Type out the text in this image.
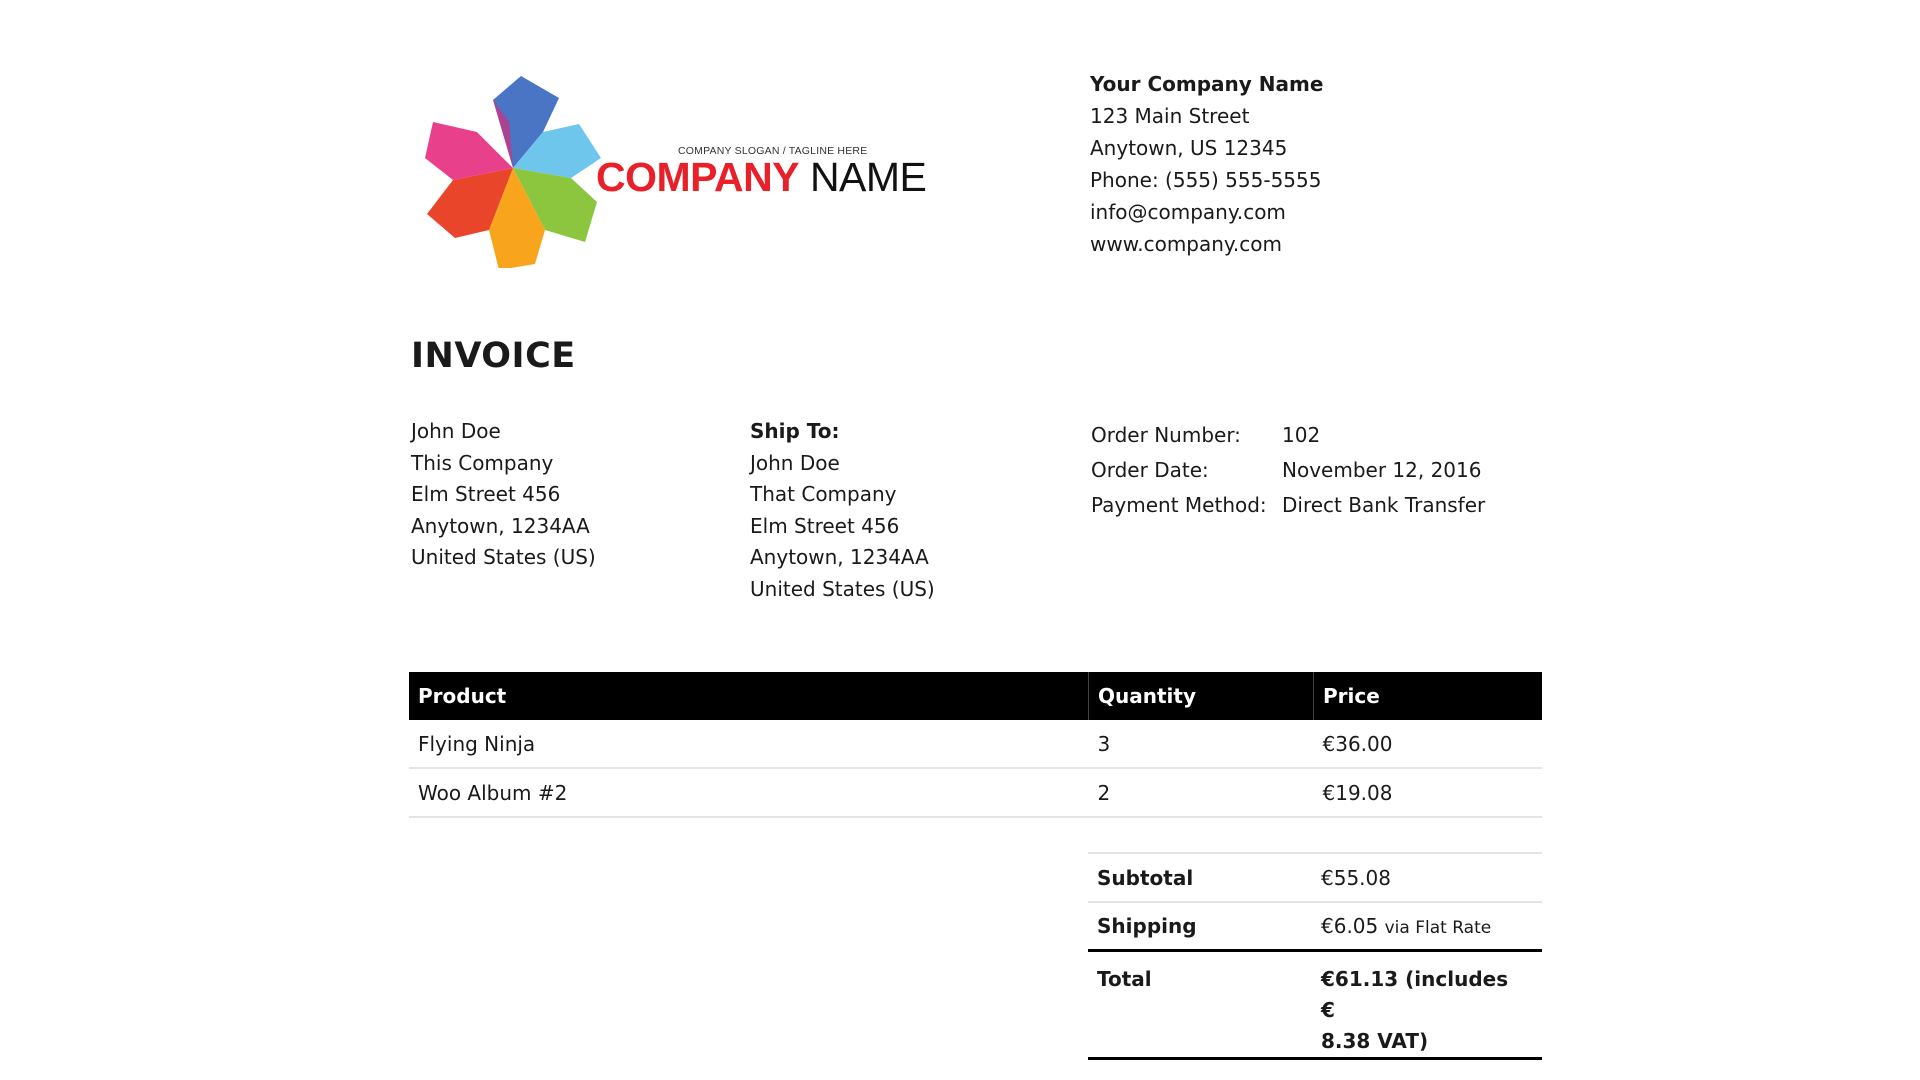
COMPANY SLOGAN / TAGLINE HERE
COMPANY NAME
Your Company Name
123 Main Street
Anytown, US 12345
Phone: (555) 555-5555
info@company.com
www.company.com
INVOICE
John Doe
This Company
Elm Street 456
Anytown, 1234AA
United States (US)
Ship To:
John Doe
That Company
Elm Street 456
Anytown, 1234AA
United States (US)
Order Number:	102
Order Date:	November 12, 2016
Payment Method: Direct Bank Transfer
Product	Quantity	Price
Flying Ninja	3	€36.00
Woo Album #2	2	€19.08
Subtotal	€55.08
Shipping	€6.05 via Flat Rate
Total	€61.13 (includes €
8.38 VAT)
